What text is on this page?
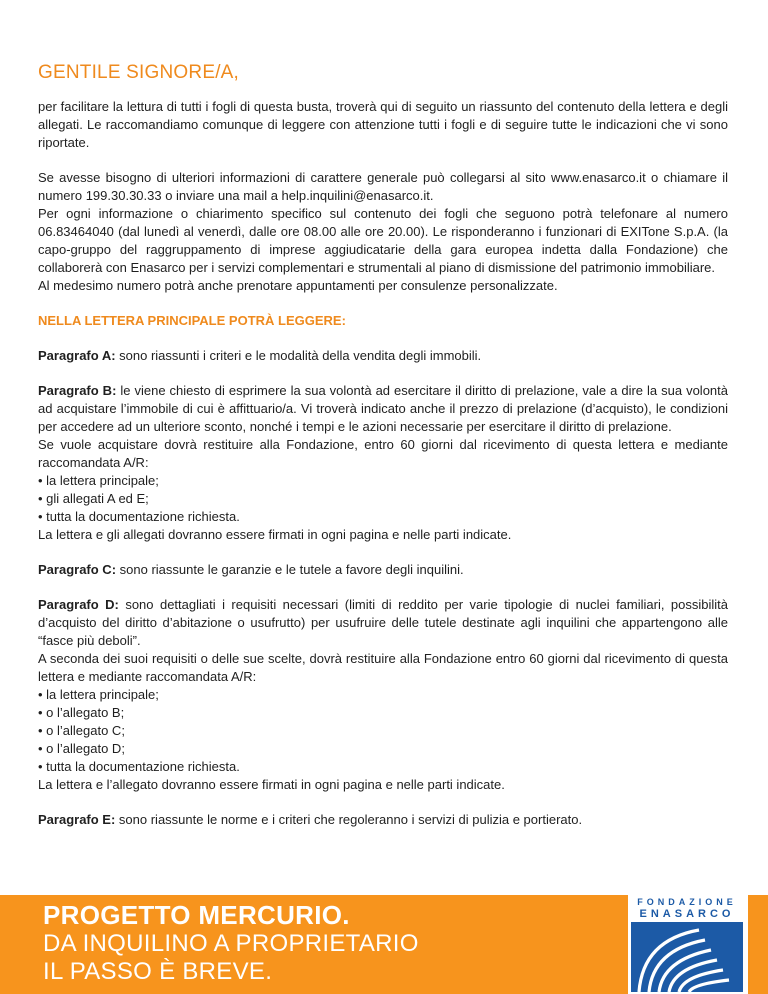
GENTILE SIGNORE/A,

per facilitare la lettura di tutti i fogli di questa busta, troverà qui di seguito un riassunto del contenuto della lettera e degli allegati. Le raccomandiamo comunque di leggere con attenzione tutti i fogli e di seguire tutte le indicazioni che vi sono riportate.

Se avesse bisogno di ulteriori informazioni di carattere generale può collegarsi al sito www.enasarco.it o chiamare il numero 199.30.30.33 o inviare una mail a help.inquilini@enasarco.it.

Per ogni informazione o chiarimento specifico sul contenuto dei fogli che seguono potrà telefonare al numero 06.83464040 (dal lunedì al venerdì, dalle ore 08.00 alle ore 20.00). Le risponderanno i funzionari di EXITone S.p.A. (la capo-gruppo del raggruppamento di imprese aggiudicatarie della gara europea indetta dalla Fondazione) che collaborerà con Enasarco per i servizi complementari e strumentali al piano di dismissione del patrimonio immobiliare.

Al medesimo numero potrà anche prenotare appuntamenti per consulenze personalizzate.

NELLA LETTERA PRINCIPALE POTRÀ LEGGERE:

Paragrafo A: sono riassunti i criteri e le modalità della vendita degli immobili.

Paragrafo B: le viene chiesto di esprimere la sua volontà ad esercitare il diritto di prelazione, vale a dire la sua volontà ad acquistare l’immobile di cui è affittuario/a. Vi troverà indicato anche il prezzo di prelazione (d’acquisto), le condizioni per accedere ad un ulteriore sconto, nonché i tempi e le azioni necessarie per esercitare il diritto di prelazione.

Se vuole acquistare dovrà restituire alla Fondazione, entro 60 giorni dal ricevimento di questa lettera e mediante raccomandata A/R:

• la lettera principale;

• gli allegati A ed E;

• tutta la documentazione richiesta.

La lettera e gli allegati dovranno essere firmati in ogni pagina e nelle parti indicate.

Paragrafo C: sono riassunte le garanzie e le tutele a favore degli inquilini.

Paragrafo D: sono dettagliati i requisiti necessari (limiti di reddito per varie tipologie di nuclei familiari, possibilità d’acquisto del diritto d’abitazione o usufrutto) per usufruire delle tutele destinate agli inquilini che appartengono alle “fasce più deboli”.

A seconda dei suoi requisiti o delle sue scelte, dovrà restituire alla Fondazione entro 60 giorni dal ricevimento di questa lettera e mediante raccomandata A/R:

• la lettera principale;

• o l’allegato B;

• o l’allegato C;

• o l’allegato D;

• tutta la documentazione richiesta.

La lettera e l’allegato dovranno essere firmati in ogni pagina e nelle parti indicate.

Paragrafo E: sono riassunte le norme e i criteri che regoleranno i servizi di pulizia e portierato.

PROGETTO MERCURIO.
DA INQUILINO A PROPRIETARIO
IL PASSO È BREVE.
FONDAZIONE
ENASARCO
